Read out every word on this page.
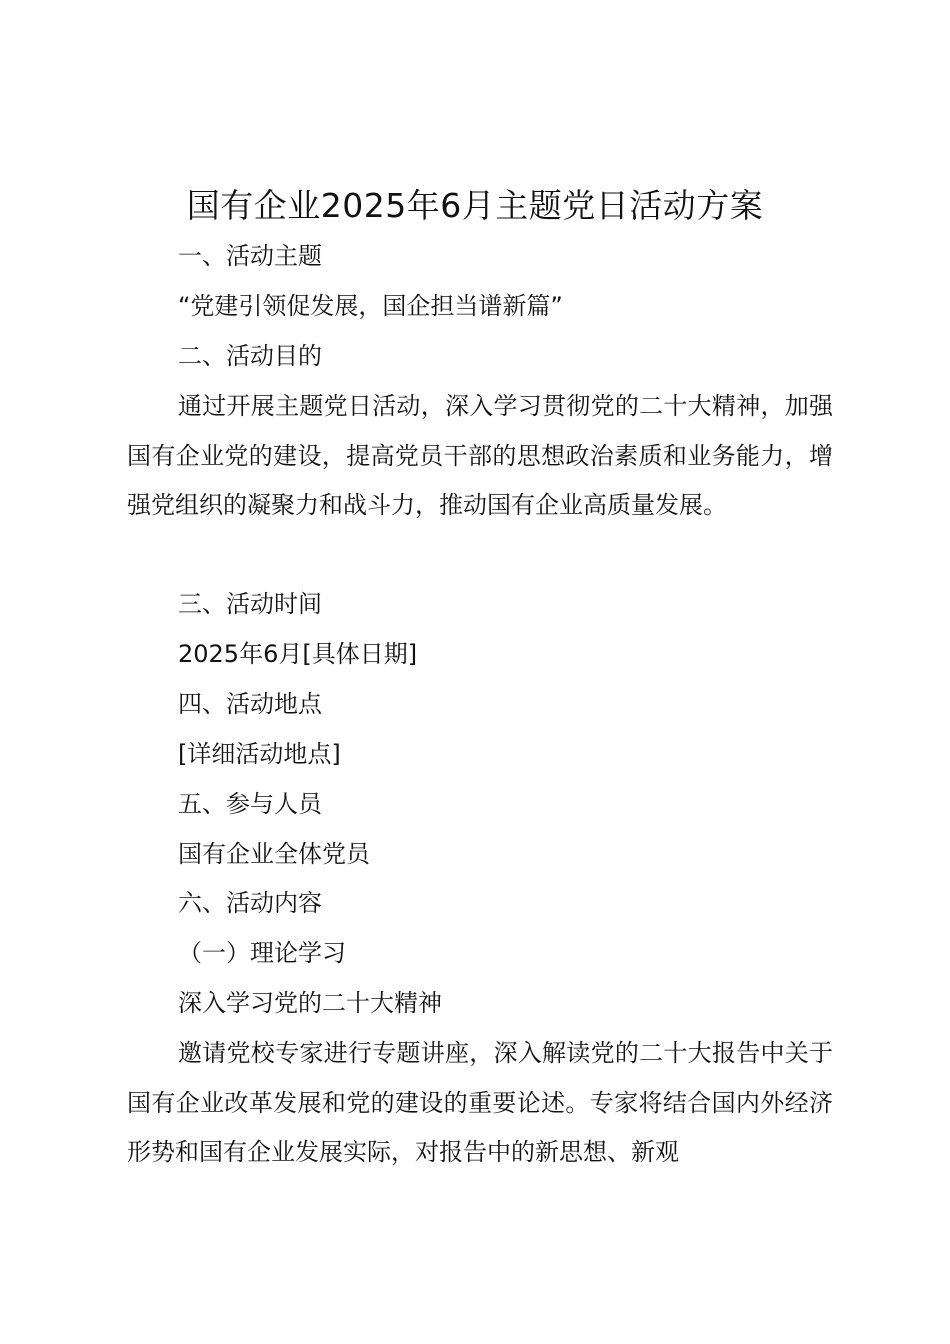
国有企业2025年6月主题党日活动方案

一、活动主题

“党建引领促发展，国企担当谱新篇”

二、活动目的

通过开展主题党日活动，深入学习贯彻党的二十大精神，加强国有企业党的建设，提高党员干部的思想政治素质和业务能力，增强党组织的凝聚力和战斗力，推动国有企业高质量发展。

三、活动时间

2025年6月[具体日期]

四、活动地点

[详细活动地点]

五、参与人员

国有企业全体党员

六、活动内容

（一）理论学习

深入学习党的二十大精神

邀请党校专家进行专题讲座，深入解读党的二十大报告中关于国有企业改革发展和党的建设的重要论述。专家将结合国内外经济形势和国有企业发展实际，对报告中的新思想、新观
